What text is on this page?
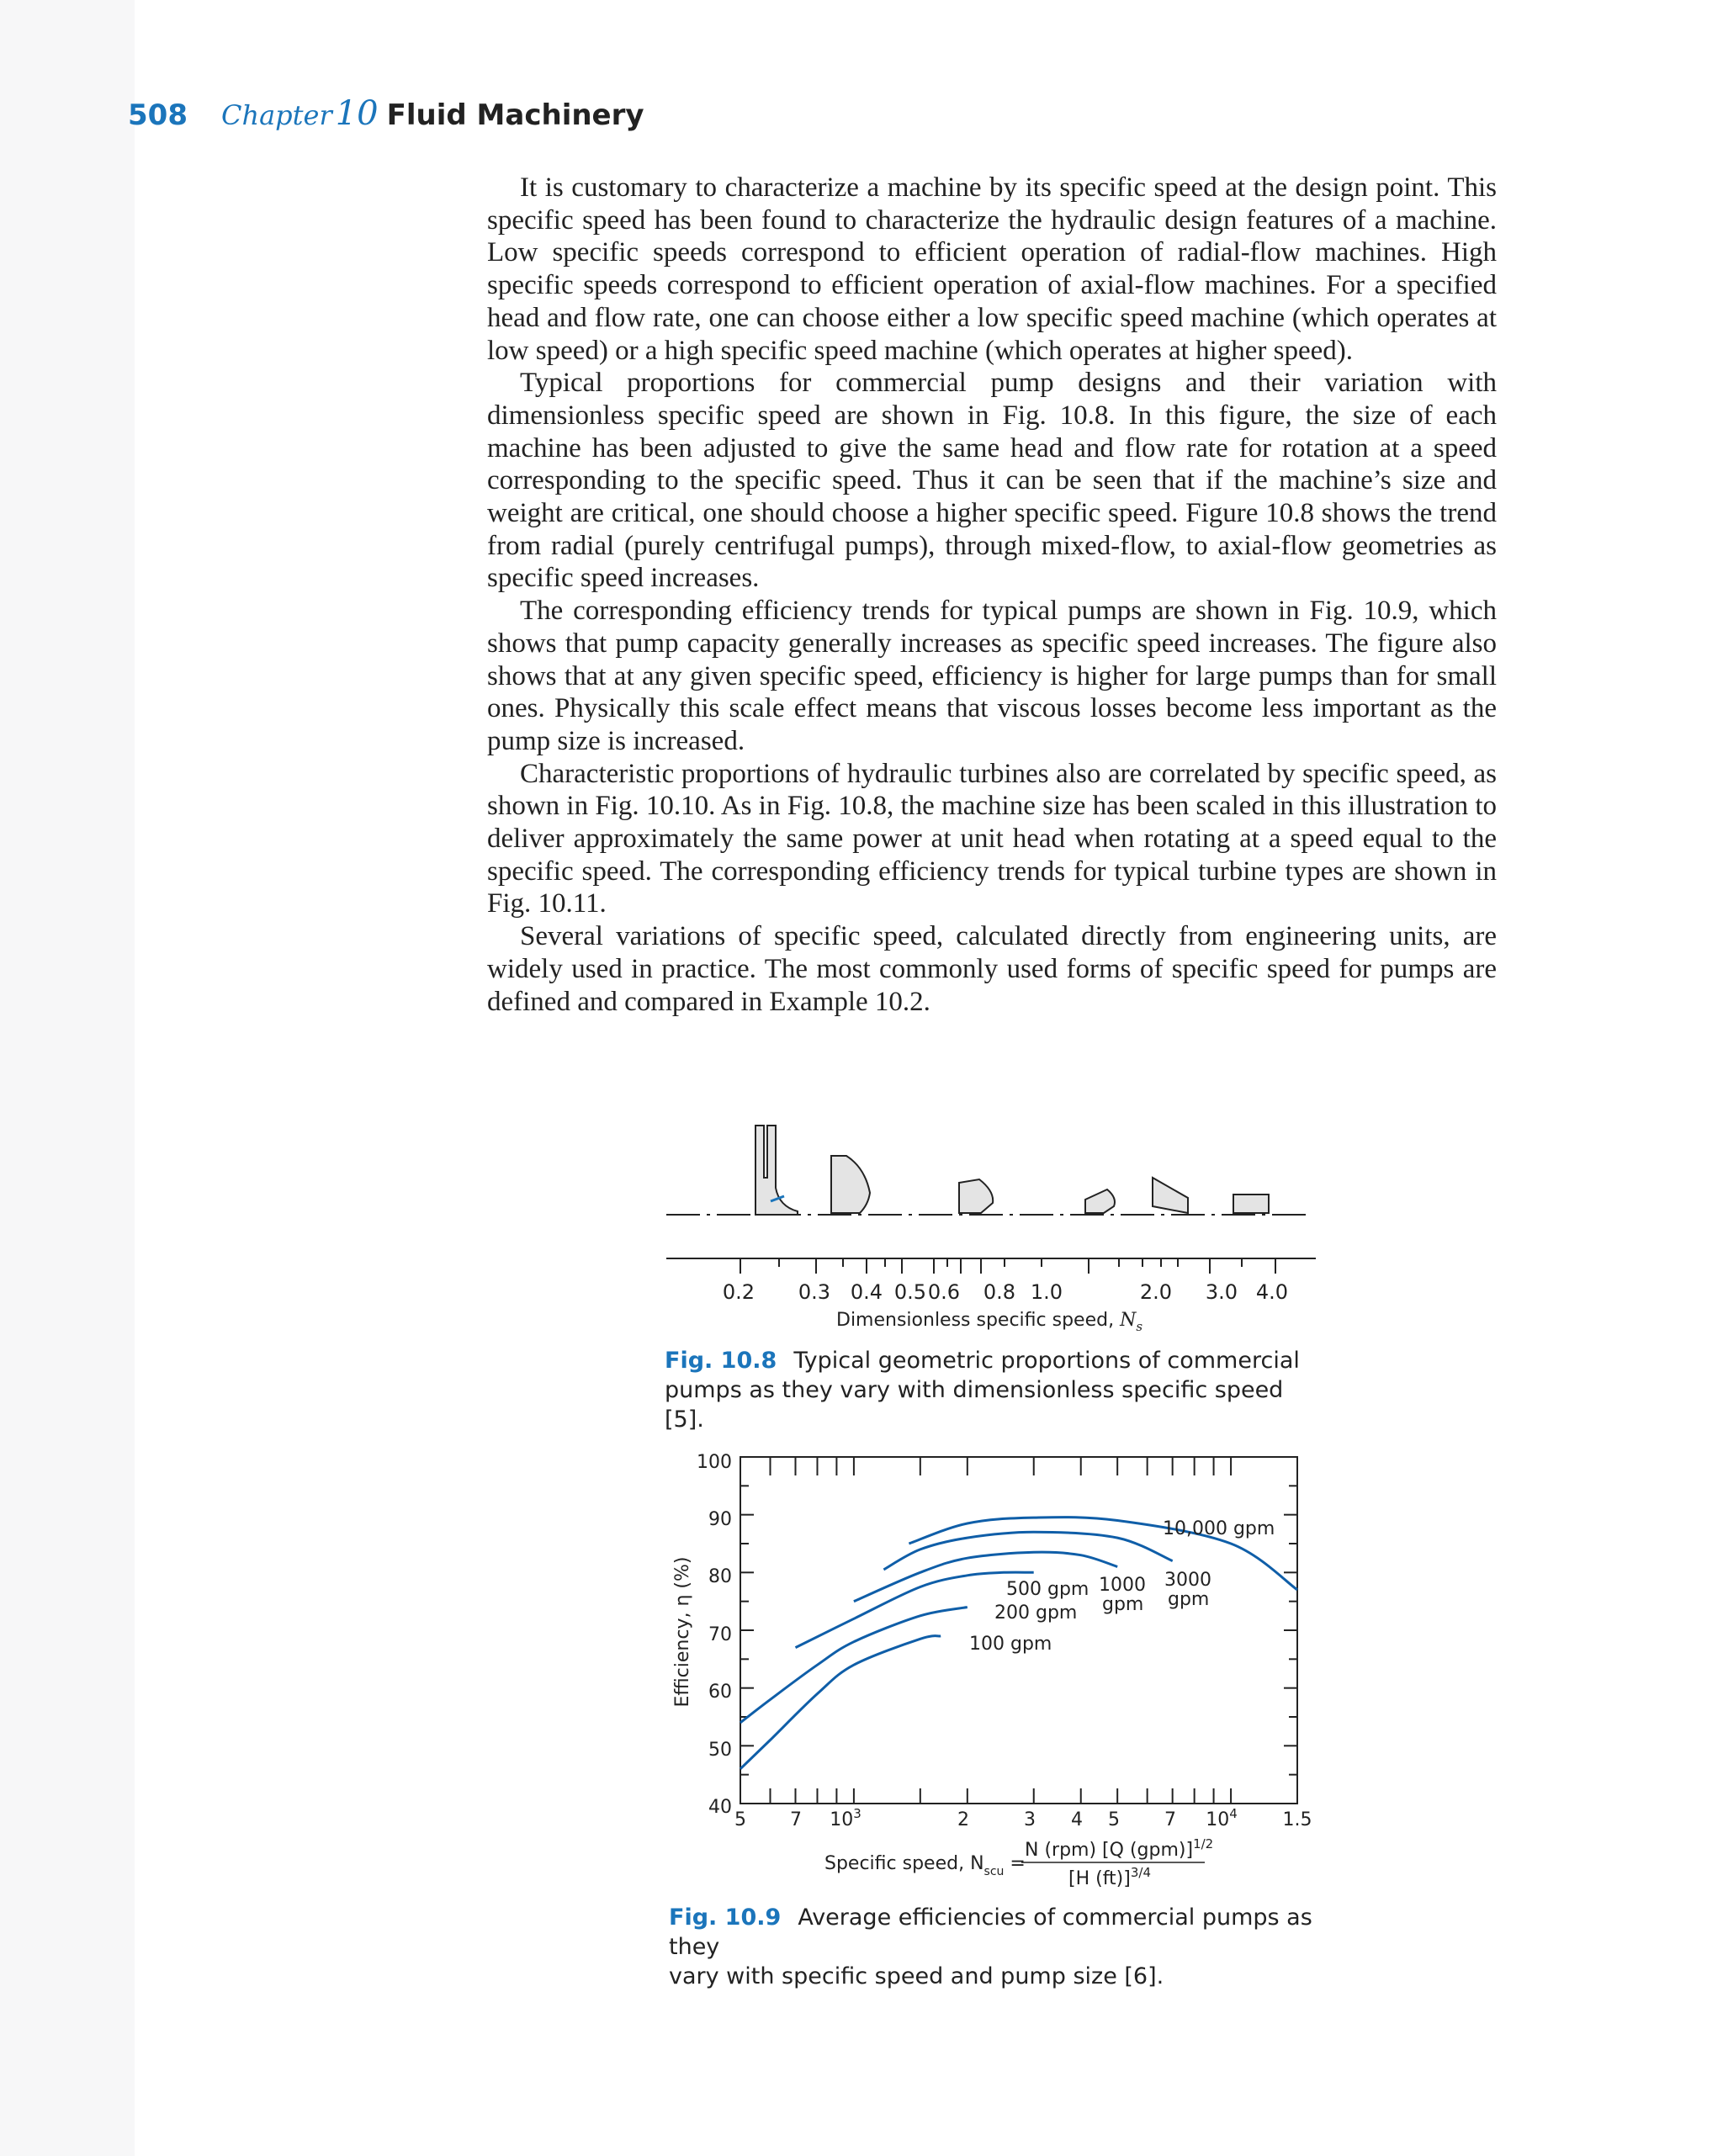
508 Chapter 10 Fluid Machinery

It is customary to characterize a machine by its specific speed at the design point. This specific speed has been found to characterize the hydraulic design features of a machine. Low specific speeds correspond to efficient operation of radial-flow machines. High specific speeds correspond to efficient operation of axial-flow machines. For a specified head and flow rate, one can choose either a low specific speed machine (which operates at low speed) or a high specific speed machine (which operates at higher speed).

Typical proportions for commercial pump designs and their variation with dimensionless specific speed are shown in Fig. 10.8. In this figure, the size of each machine has been adjusted to give the same head and flow rate for rotation at a speed corresponding to the specific speed. Thus it can be seen that if the machine’s size and weight are critical, one should choose a higher specific speed. Figure 10.8 shows the trend from radial (purely centrifugal pumps), through mixed-flow, to axial-flow geometries as specific speed increases.

The corresponding efficiency trends for typical pumps are shown in Fig. 10.9, which shows that pump capacity generally increases as specific speed increases. The figure also shows that at any given specific speed, efficiency is higher for large pumps than for small ones. Physically this scale effect means that viscous losses become less important as the pump size is increased.

Characteristic proportions of hydraulic turbines also are correlated by specific speed, as shown in Fig. 10.10. As in Fig. 10.8, the machine size has been scaled in this illustration to deliver approximately the same power at unit head when rotating at a speed equal to the specific speed. The corresponding efficiency trends for typical turbine types are shown in Fig. 10.11.

Several variations of specific speed, calculated directly from engineering units, are widely used in practice. The most commonly used forms of specific speed for pumps are defined and compared in Example 10.2.

0.2 0.3 0.4 0.5 0.6 0.8 1.0	2.0 3.0 4.0
Dimensionless specific speed, $N_s$
Fig. 10.8 Typical geometric proportions of commercial
pumps as they vary with dimensionless specific speed [5].
Efficiency, η (%)
100
90
80
70
60
50
40
5 7 $10^3$	2	3 4 5 7 $10^4$ 1.5
10,000 gpm
500 gpm
200 gpm
100 gpm
1000
gpm
3000
gpm
Specific speed, $N_{scu}$ =
N (rpm) [Q (gpm)]$^{1/2}$
[H (ft)]$^{3/4}$
Fig. 10.9 Average efficiencies of commercial pumps as they
vary with specific speed and pump size [6].
